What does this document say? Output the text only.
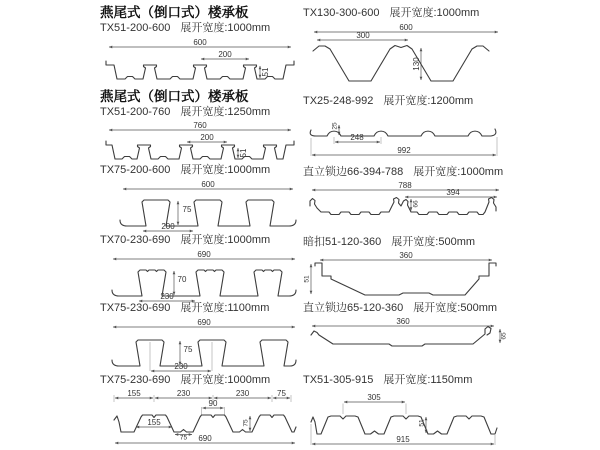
燕尾式（倒口式）楼承板
TX51-200-600 展开宽度:1000mm
600
200
51
燕尾式（倒口式）楼承板
TX51-200-760 展开宽度:1250mm
760
200
51
TX75-200-600 展开宽度:1000mm
600
75
200
TX70-230-690 展开宽度:1000mm
690
70
230
TX75-230-690 展开宽度:1100mm
690
230
75
TX75-230-690 展开宽度:1000mm
155	230	230	75
90
155
75
75
690
TX130-300-600 展开宽度:1000mm
600
300
130
TX25-248-992 展开宽度:1200mm
25
248
992
直立锁边66-394-788 展开宽度:1000mm
788
394
66
暗扣51-120-360 展开宽度:500mm
360
51
直立锁边65-120-360 展开宽度:500mm
360
65
TX51-305-915 展开宽度:1150mm
305
51
915
